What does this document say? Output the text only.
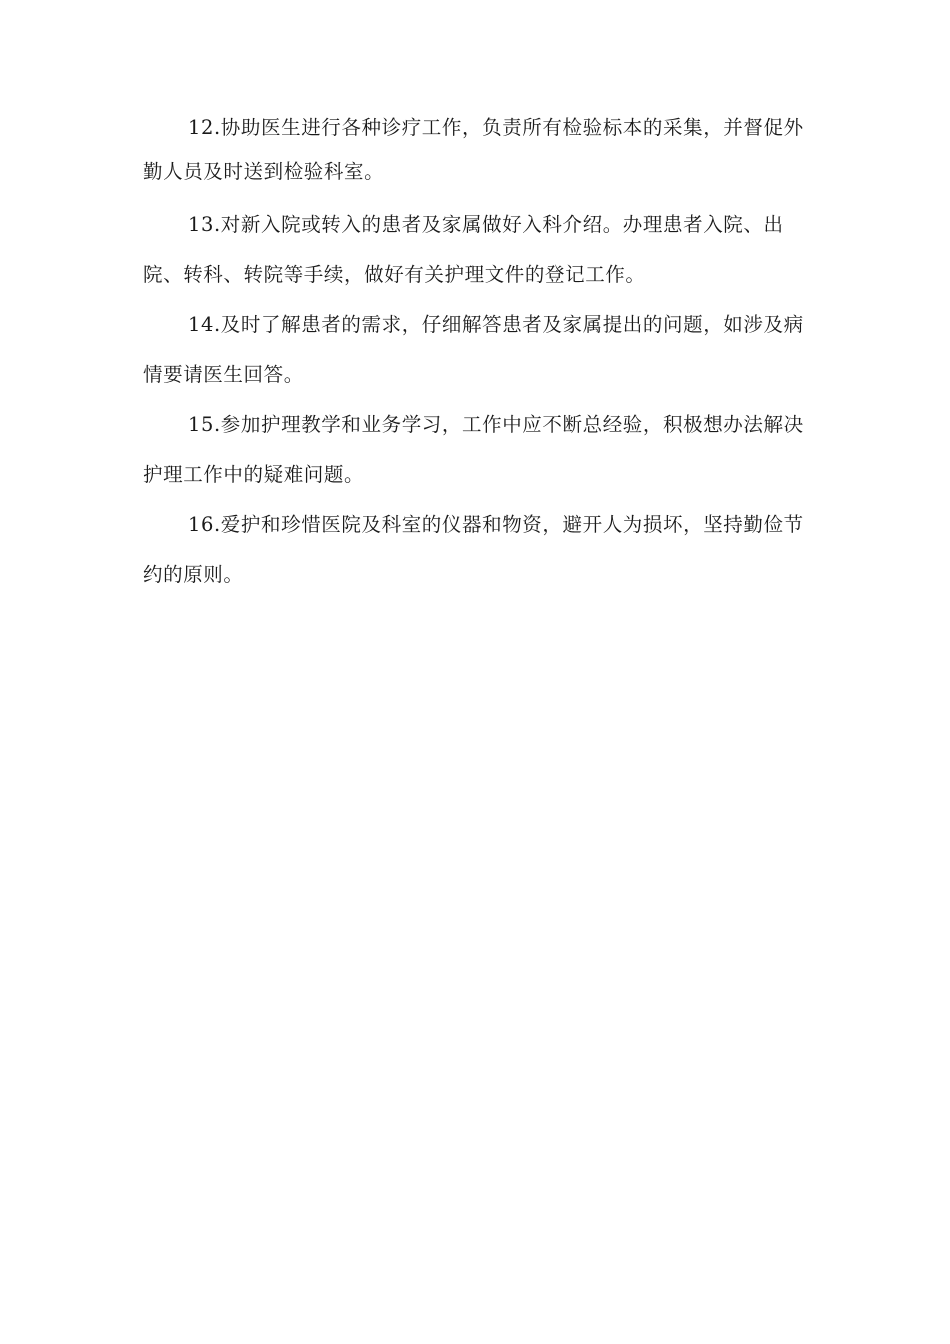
12.协助医生进行各种诊疗工作，负责所有检验标本的采集，并督促外勤人员及时送到检验科室。

13.对新入院或转入的患者及家属做好入科介绍。办理患者入院、出院、转科、转院等手续，做好有关护理文件的登记工作。

14.及时了解患者的需求，仔细解答患者及家属提出的问题，如涉及病情要请医生回答。

15.参加护理教学和业务学习，工作中应不断总经验，积极想办法解决护理工作中的疑难问题。

16.爱护和珍惜医院及科室的仪器和物资，避开人为损坏，坚持勤俭节约的原则。
